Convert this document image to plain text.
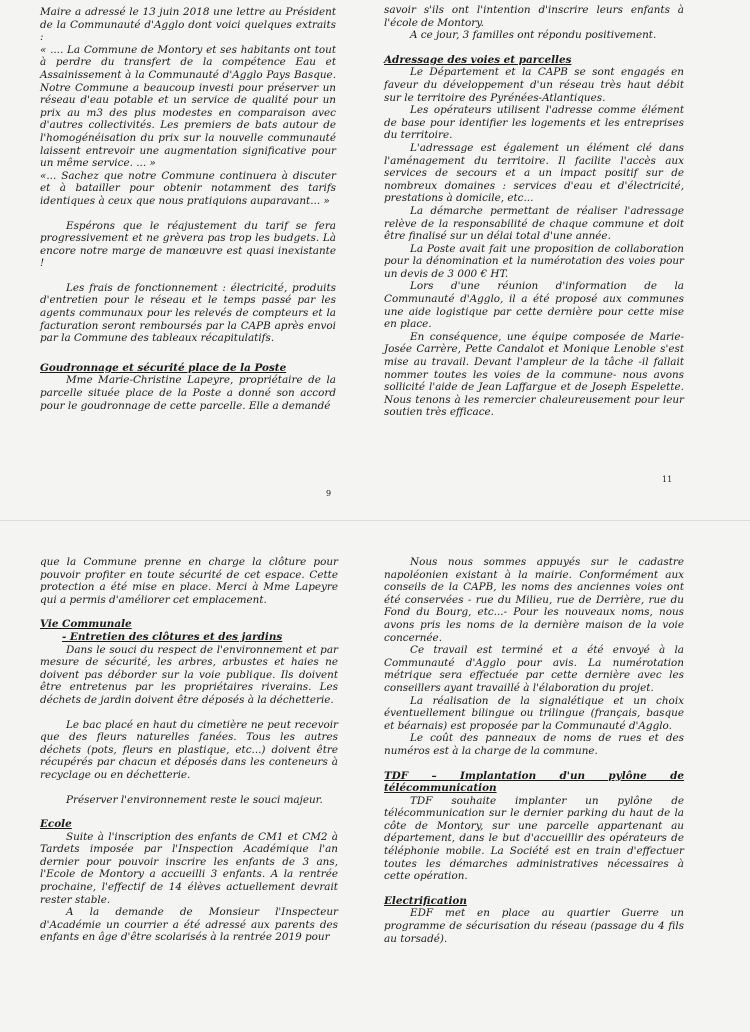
Maire a adressé le 13 juin 2018 une lettre au Président de la Communauté d'Agglo dont voici quelques extraits :

« .... La Commune de Montory et ses habitants ont tout à perdre du transfert de la compétence Eau et Assainissement à la Communauté d'Agglo Pays Basque. Notre Commune a beaucoup investi pour préserver un réseau d'eau potable et un service de qualité pour un prix au m3 des plus modestes en comparaison avec d'autres collectivités. Les premiers de bats autour de l'homogénéisation du prix sur la nouvelle communauté laissent entrevoir une augmentation significative pour un même service. ... »

«... Sachez que notre Commune continuera à discuter et à batailler pour obtenir notamment des tarifs identiques à ceux que nous pratiquions auparavant... »

Espérons que le réajustement du tarif se fera progressivement et ne grèvera pas trop les budgets. Là encore notre marge de manœuvre est quasi inexistante !

Les frais de fonctionnement : électricité, produits d'entretien pour le réseau et le temps passé par les agents communaux pour les relevés de compteurs et la facturation seront remboursés par la CAPB après envoi par la Commune des tableaux récapitulatifs.

Goudronnage et sécurité place de la Poste

Mme Marie-Christine Lapeyre, propriétaire de la parcelle située place de la Poste a donné son accord pour le goudronnage de cette parcelle. Elle a demandé

9

savoir s'ils ont l'intention d'inscrire leurs enfants à l'école de Montory.

A ce jour, 3 familles ont répondu positivement.

Adressage des voies et parcelles

Le Département et la CAPB se sont engagés en faveur du développement d'un réseau très haut débit sur le territoire des Pyrénées-Atlantiques.

Les opérateurs utilisent l'adresse comme élément de base pour identifier les logements et les entreprises du territoire.

L'adressage est également un élément clé dans l'aménagement du territoire. Il facilite l'accès aux services de secours et a un impact positif sur de nombreux domaines : services d'eau et d'électricité, prestations à domicile, etc...

La démarche permettant de réaliser l'adressage relève de la responsabilité de chaque commune et doit être finalisé sur un délai total d'une année.

La Poste avait fait une proposition de collaboration pour la dénomination et la numérotation des voies pour un devis de 3 000 € HT.

Lors d'une réunion d'information de la Communauté d'Agglo, il a été proposé aux communes une aide logistique par cette dernière pour cette mise en place.

En conséquence, une équipe composée de Marie-Josée Carrère, Pette Candalot et Monique Lenoble s'est mise au travail. Devant l'ampleur de la tâche -il fallait nommer toutes les voies de la commune- nous avons sollicité l'aide de Jean Laffargue et de Joseph Espelette. Nous tenons à les remercier chaleureusement pour leur soutien très efficace.

11

que la Commune prenne en charge la clôture pour pouvoir profiter en toute sécurité de cet espace. Cette protection a été mise en place. Merci à Mme Lapeyre qui a permis d'améliorer cet emplacement.

Vie Communale

- Entretien des clôtures et des jardins

Dans le souci du respect de l'environnement et par mesure de sécurité, les arbres, arbustes et haies ne doivent pas déborder sur la voie publique. Ils doivent être entretenus par les propriétaires riverains. Les déchets de jardin doivent être déposés à la déchetterie.

Le bac placé en haut du cimetière ne peut recevoir que des fleurs naturelles fanées. Tous les autres déchets (pots, fleurs en plastique, etc...) doivent être récupérés par chacun et déposés dans les conteneurs à recyclage ou en déchetterie.

Préserver l'environnement reste le souci majeur.

Ecole

Suite à l'inscription des enfants de CM1 et CM2 à Tardets imposée par l'Inspection Académique l'an dernier pour pouvoir inscrire les enfants de 3 ans, l'Ecole de Montory a accueilli 3 enfants. A la rentrée prochaine, l'effectif de 14 élèves actuellement devrait rester stable.

A la demande de Monsieur l'Inspecteur d'Académie un courrier a été adressé aux parents des enfants en âge d'être scolarisés à la rentrée 2019 pour

Nous nous sommes appuyés sur le cadastre napoléonien existant à la mairie. Conformément aux conseils de la CAPB, les noms des anciennes voies ont été conservées - rue du Milieu, rue de Derrière, rue du Fond du Bourg, etc...- Pour les nouveaux noms, nous avons pris les noms de la dernière maison de la voie concernée.

Ce travail est terminé et a été envoyé à la Communauté d'Agglo pour avis. La numérotation métrique sera effectuée par cette dernière avec les conseillers ayant travaillé à l'élaboration du projet.

La réalisation de la signalétique et un choix éventuellement bilingue ou trilingue (français, basque et béarnais) est proposée par la Communauté d'Agglo.

Le coût des panneaux de noms de rues et des numéros est à la charge de la commune.

TDF – Implantation d'un pylône de télécommunication

TDF souhaite implanter un pylône de télécommunication sur le dernier parking du haut de la côte de Montory, sur une parcelle appartenant au département, dans le but d'accueillir des opérateurs de téléphonie mobile. La Société est en train d'effectuer toutes les démarches administratives nécessaires à cette opération.

Electrification

EDF met en place au quartier Guerre un programme de sécurisation du réseau (passage du 4 fils au torsadé).
